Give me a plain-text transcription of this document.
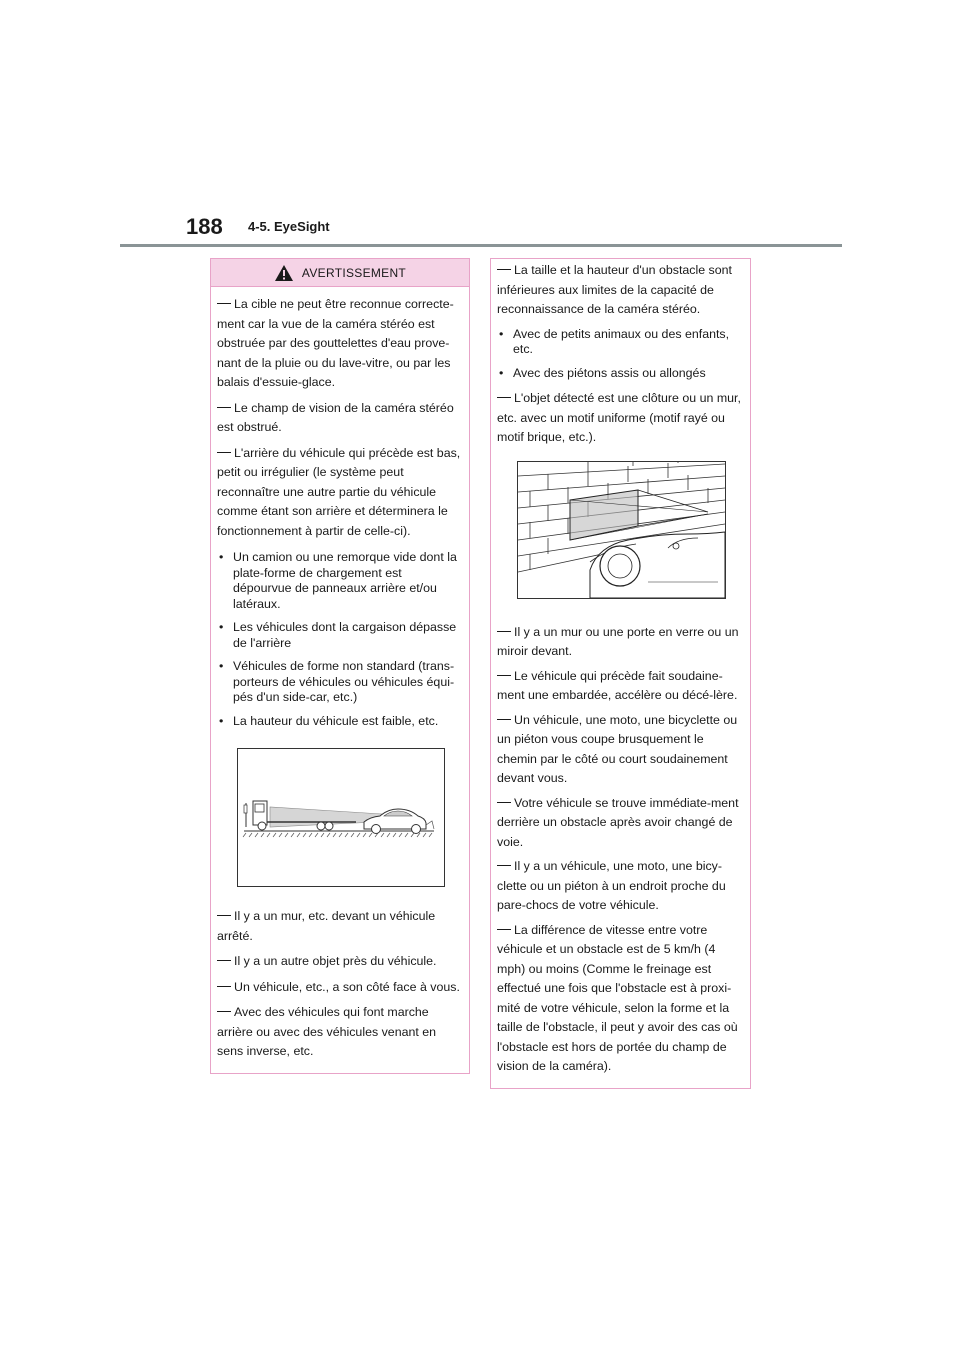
188 4-5. EyeSight
AVERTISSEMENT

La cible ne peut être reconnue correcte-ment car la vue de la caméra stéréo est obstruée par des gouttelettes d'eau prove-nant de la pluie ou du lave-vitre, ou par les balais d'essuie-glace.

Le champ de vision de la caméra stéréo est obstrué.

L'arrière du véhicule qui précède est bas, petit ou irrégulier (le système peut reconnaître une autre partie du véhicule comme étant son arrière et déterminera le fonctionnement à partir de celle-ci).

• Un camion ou une remorque vide dont la plate-forme de chargement est dépourvue de panneaux arrière et/ou latéraux.
• Les véhicules dont la cargaison dépasse de l'arrière
• Véhicules de forme non standard (trans-porteurs de véhicules ou véhicules équi-pés d'un side-car, etc.)
• La hauteur du véhicule est faible, etc.

Il y a un mur, etc. devant un véhicule arrêté.

Il y a un autre objet près du véhicule.

Un véhicule, etc., a son côté face à vous.

Avec des véhicules qui font marche arrière ou avec des véhicules venant en sens inverse, etc.

La taille et la hauteur d'un obstacle sont inférieures aux limites de la capacité de reconnaissance de la caméra stéréo.

• Avec de petits animaux ou des enfants, etc.
• Avec des piétons assis ou allongés

L'objet détecté est une clôture ou un mur, etc. avec un motif uniforme (motif rayé ou motif brique, etc.).

Il y a un mur ou une porte en verre ou un miroir devant.

Le véhicule qui précède fait soudaine-ment une embardée, accélère ou décé-lère.

Un véhicule, une moto, une bicyclette ou un piéton vous coupe brusquement le chemin par le côté ou court soudainement devant vous.

Votre véhicule se trouve immédiate-ment derrière un obstacle après avoir changé de voie.

Il y a un véhicule, une moto, une bicy-clette ou un piéton à un endroit proche du pare-chocs de votre véhicule.

La différence de vitesse entre votre véhicule et un obstacle est de 5 km/h (4 mph) ou moins (Comme le freinage est effectué une fois que l'obstacle est à proxi-mité de votre véhicule, selon la forme et la taille de l'obstacle, il peut y avoir des cas où l'obstacle est hors de portée du champ de vision de la caméra).
